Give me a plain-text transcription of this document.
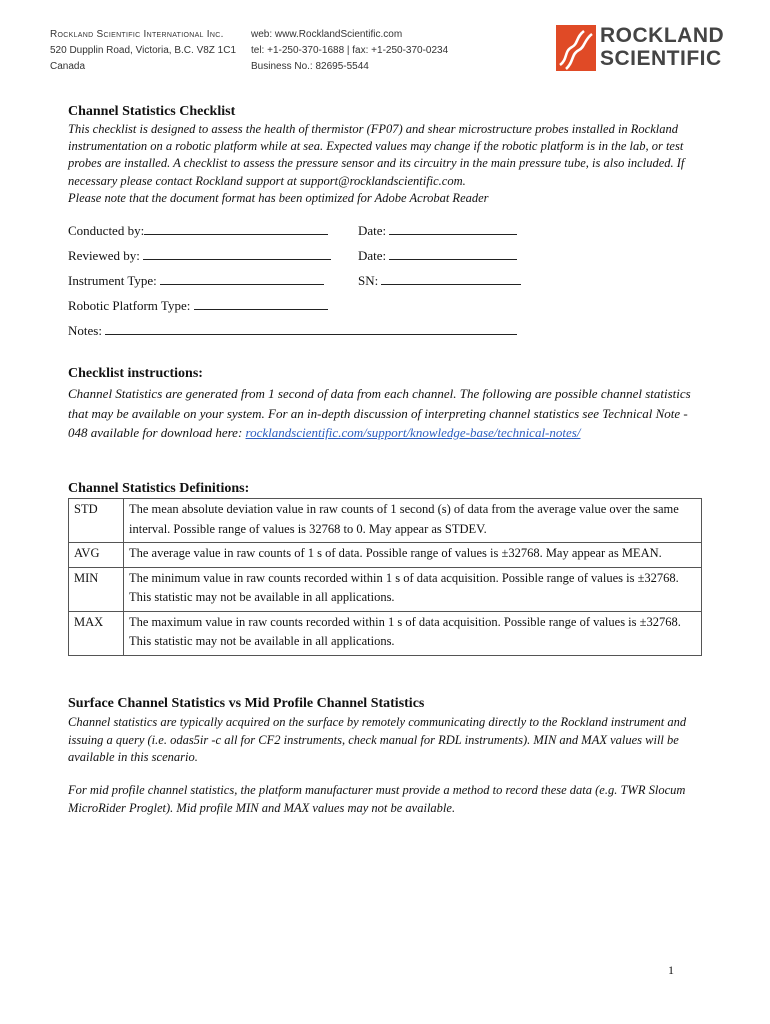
Rockland Scientific International Inc.
520 Dupplin Road, Victoria, B.C. V8Z 1C1
Canada
web: www.RocklandScientific.com
tel: +1-250-370-1688 | fax: +1-250-370-0234
Business No.: 82695-5544
ROCKLAND
SCIENTIFIC
Channel Statistics Checklist
This checklist is designed to assess the health of thermistor (FP07) and shear microstructure probes installed in Rockland instrumentation on a robotic platform while at sea. Expected values may change if the robotic platform is in the lab, or test probes are installed. A checklist to assess the pressure sensor and its circuitry in the main pressure tube, is also included. If necessary please contact Rockland support at support@rocklandscientific.com.
Please note that the document format has been optimized for Adobe Acrobat Reader
Conducted by:	Date:
Reviewed by:	Date:
Instrument Type:	SN:
Robotic Platform Type:
Notes:
Checklist instructions:
Channel Statistics are generated from 1 second of data from each channel. The following are possible channel statistics that may be available on your system. For an in-depth discussion of interpreting channel statistics see Technical Note - 048 available for download here: rocklandscientific.com/support/knowledge-base/technical-notes/
Channel Statistics Definitions:
STD	The mean absolute deviation value in raw counts of 1 second (s) of data from the average value over the same interval. Possible range of values is 32768 to 0. May appear as STDEV.
AVG	The average value in raw counts of 1 s of data. Possible range of values is ±32768. May appear as MEAN.
MIN	The minimum value in raw counts recorded within 1 s of data acquisition. Possible range of values is ±32768. This statistic may not be available in all applications.
MAX	The maximum value in raw counts recorded within 1 s of data acquisition. Possible range of values is ±32768. This statistic may not be available in all applications.
Surface Channel Statistics vs Mid Profile Channel Statistics
Channel statistics are typically acquired on the surface by remotely communicating directly to the Rockland instrument and issuing a query (i.e. odas5ir -c all for CF2 instruments, check manual for RDL instruments). MIN and MAX values will be available in this scenario.
For mid profile channel statistics, the platform manufacturer must provide a method to record these data (e.g. TWR Slocum MicroRider Proglet). Mid profile MIN and MAX values may not be available.
1
